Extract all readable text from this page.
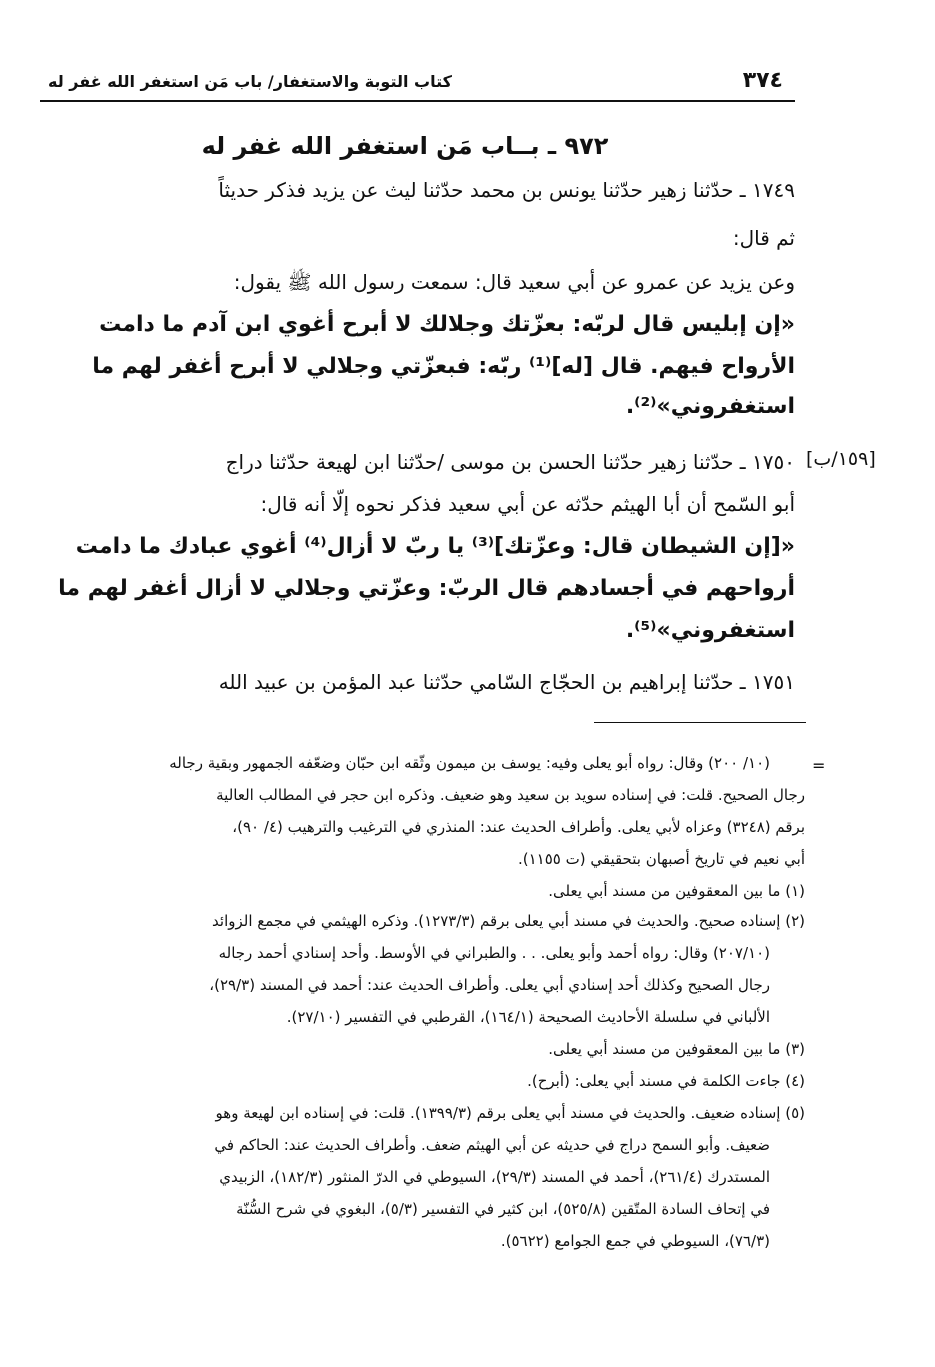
٣٧٤
كتاب التوبة والاستغفار/ باب مَن استغفر الله غفر له
٩٧٢ ـ بــاب مَن استغفر الله غفر له
[١٥٩/ب]
١٧٤٩ ـ حدّثنا زهير حدّثنا يونس بن محمد حدّثنا ليث عن يزيد فذكر حديثاً
ثم قال:
وعن يزيد عن عمرو عن أبي سعيد قال: سمعت رسول الله ﷺ يقول:
«إن إبليس قال لربّه: بعزّتك وجلالك لا أبرح أغوي ابن آدم ما دامت
الأرواح فيهم. قال [له]⁽¹⁾ ربّه: فبعزّتي وجلالي لا أبرح أغفر لهم ما
استغفروني»⁽²⁾.
١٧٥٠ ـ حدّثنا زهير حدّثنا الحسن بن موسى /حدّثنا ابن لهيعة حدّثنا دراج
أبو السّمح أن أبا الهيثم حدّثه عن أبي سعيد فذكر نحوه إلّا أنه قال:
«[إن الشيطان قال: وعزّتك]⁽³⁾ يا ربّ لا أزال⁽⁴⁾ أغوي عبادك ما دامت
أرواحهم في أجسادهم قال الربّ: وعزّتي وجلالي لا أزال أغفر لهم ما
استغفروني»⁽⁵⁾.
١٧٥١ ـ حدّثنا إبراهيم بن الحجّاج السّامي حدّثنا عبد المؤمن بن عبيد الله
=
(١٠/ ٢٠٠) وقال: رواه أبو يعلى وفيه: يوسف بن ميمون وثّقه ابن حبّان وضعّفه الجمهور وبقية رجاله
رجال الصحيح. قلت: في إسناده سويد بن سعيد وهو ضعيف. وذكره ابن حجر في المطالب العالية
برقم (٣٢٤٨) وعزاه لأبي يعلى. وأطراف الحديث عند: المنذري في الترغيب والترهيب (٤/ ٩٠)،
أبي نعيم في تاريخ أصبهان بتحقيقي (ت ١١٥٥).
(١) ما بين المعقوفين من مسند أبي يعلى.
(٢) إسناده صحيح. والحديث في مسند أبي يعلى برقم (١٢٧٣/٣). وذكره الهيثمي في مجمع الزوائد
(٢٠٧/١٠) وقال: رواه أحمد وأبو يعلى. . . والطبراني في الأوسط. وأحد إسنادي أحمد رجاله
رجال الصحيح وكذلك أحد إسنادي أبي يعلى. وأطراف الحديث عند: أحمد في المسند (٢٩/٣)،
الألباني في سلسلة الأحاديث الصحيحة (١٦٤/١)، القرطبي في التفسير (٢٧/١٠).
(٣) ما بين المعقوفين من مسند أبي يعلى.
(٤) جاءت الكلمة في مسند أبي يعلى: (أبرح).
(٥) إسناده ضعيف. والحديث في مسند أبي يعلى برقم (١٣٩٩/٣). قلت: في إسناده ابن لهيعة وهو
ضعيف. وأبو السمح دراج في حديثه عن أبي الهيثم ضعف. وأطراف الحديث عند: الحاكم في
المستدرك (٢٦١/٤)، أحمد في المسند (٢٩/٣)، السيوطي في الدرّ المنثور (١٨٢/٣)، الزبيدي
في إتحاف السادة المتّقين (٥٢٥/٨)، ابن كثير في التفسير (٥/٣)، البغوي في شرح السُّنّة
(٧٦/٣)، السيوطي في جمع الجوامع (٥٦٢٢).
